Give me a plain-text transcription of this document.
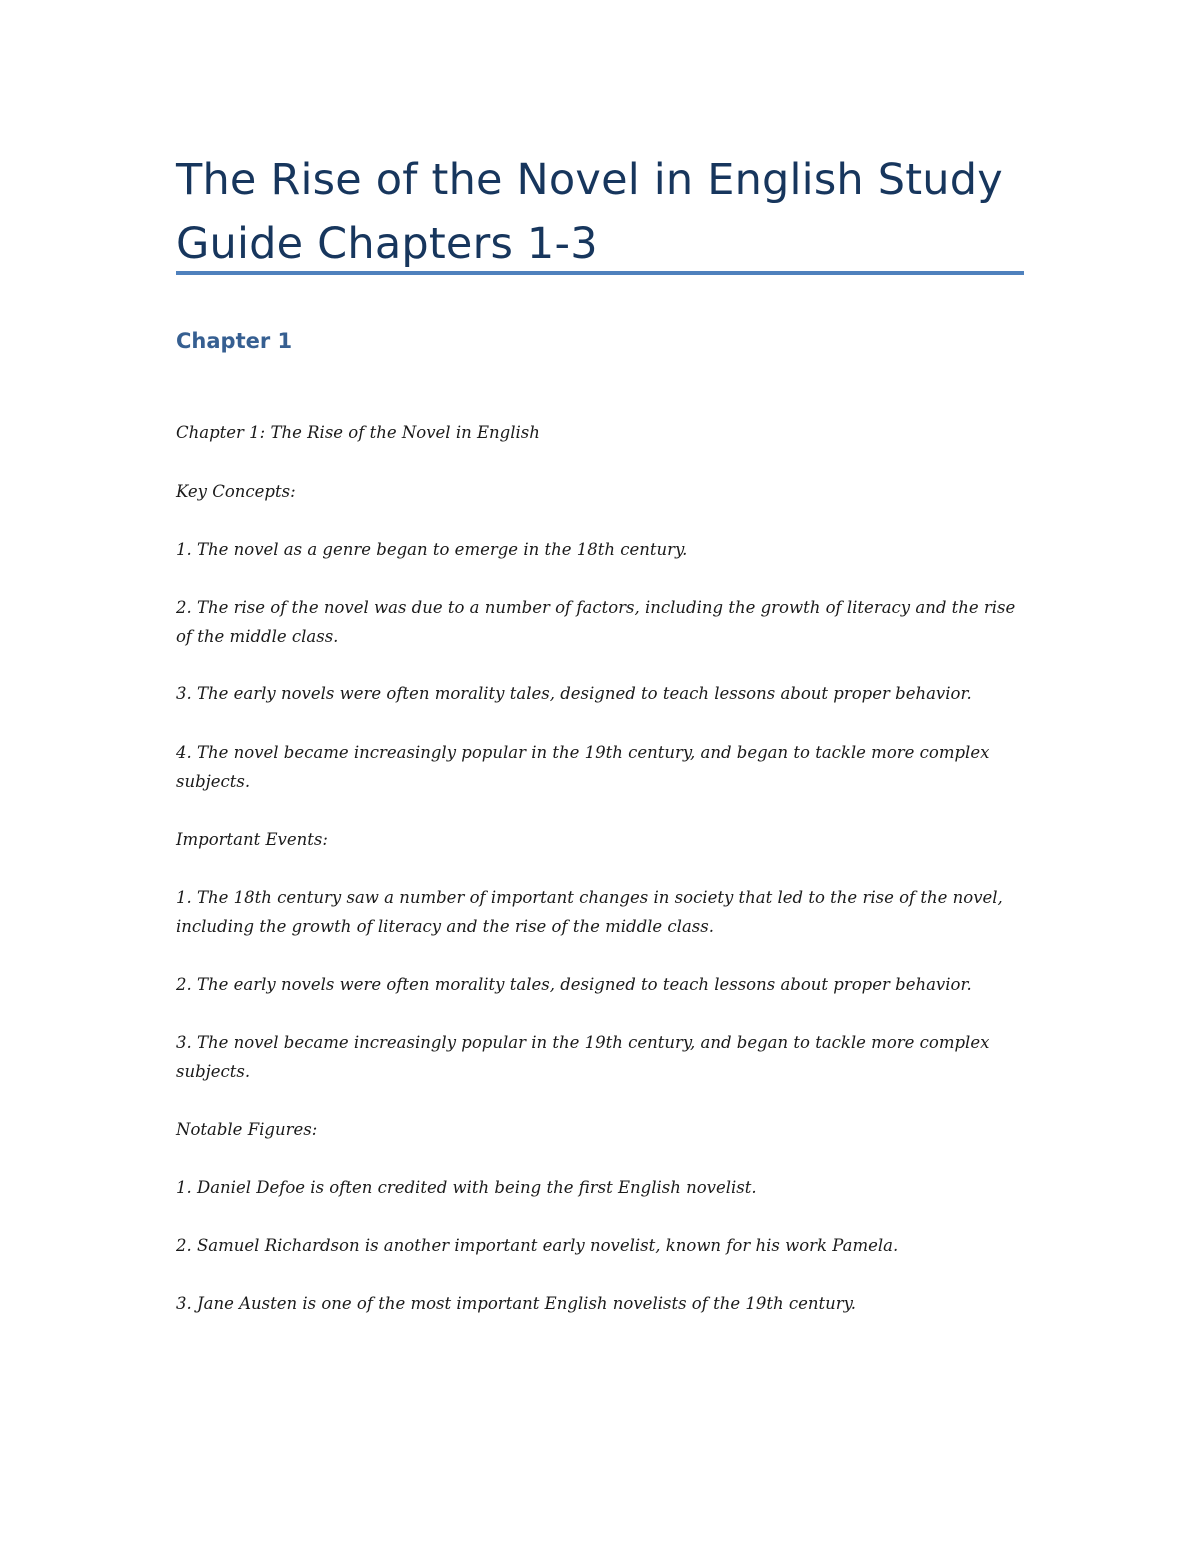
The Rise of the Novel in English Study Guide Chapters 1-3
Chapter 1

Chapter 1: The Rise of the Novel in English

Key Concepts:

1. The novel as a genre began to emerge in the 18th century.

2. The rise of the novel was due to a number of factors, including the growth of literacy and the rise of the middle class.

3. The early novels were often morality tales, designed to teach lessons about proper behavior.

4. The novel became increasingly popular in the 19th century, and began to tackle more complex subjects.

Important Events:

1. The 18th century saw a number of important changes in society that led to the rise of the novel, including the growth of literacy and the rise of the middle class.

2. The early novels were often morality tales, designed to teach lessons about proper behavior.

3. The novel became increasingly popular in the 19th century, and began to tackle more complex subjects.

Notable Figures:

1. Daniel Defoe is often credited with being the first English novelist.

2. Samuel Richardson is another important early novelist, known for his work Pamela.

3. Jane Austen is one of the most important English novelists of the 19th century.
